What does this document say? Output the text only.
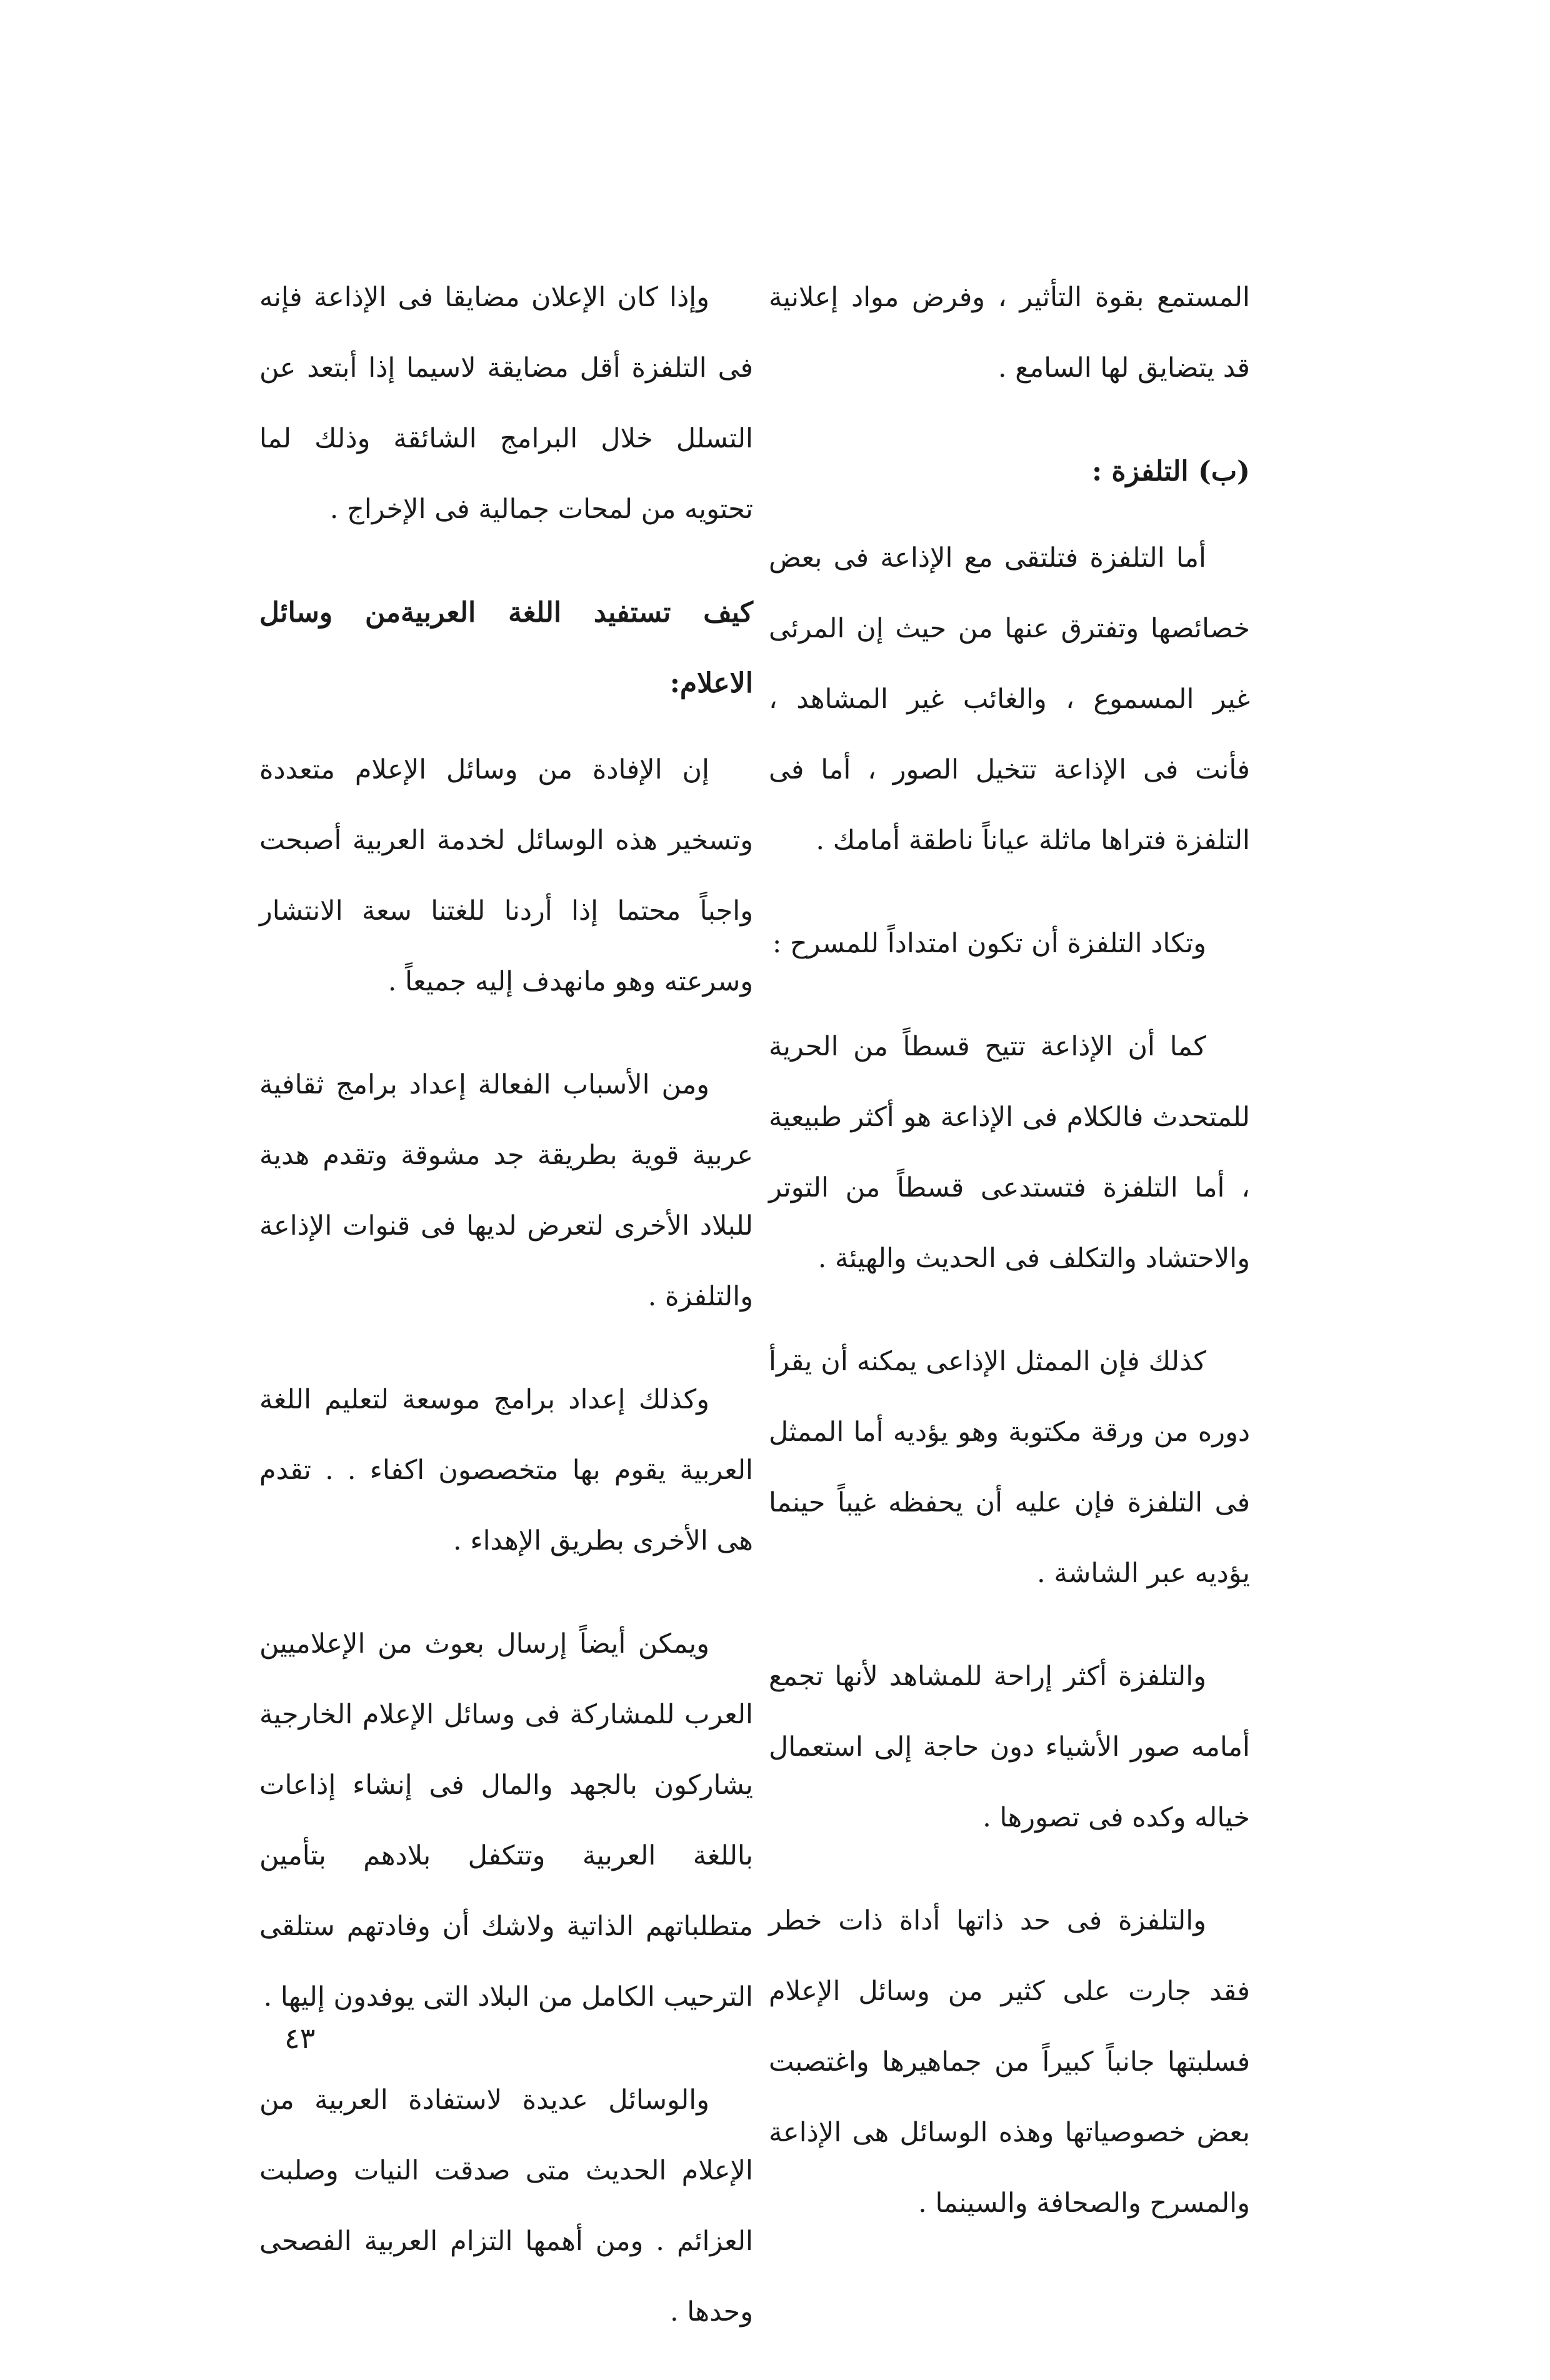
المستمع بقوة التأثير ، وفرض مواد إعلانية قد يتضايق لها السامع .

(ب) التلفزة :

أما التلفزة فتلتقى مع الإذاعة فى بعض خصائصها وتفترق عنها من حيث إن المرئى غير المسموع ، والغائب غير المشاهد ، فأنت فى الإذاعة تتخيل الصور ، أما فى التلفزة فتراها ماثلة عياناً ناطقة أمامك .

وتكاد التلفزة أن تكون امتداداً للمسرح :

كما أن الإذاعة تتيح قسطاً من الحرية للمتحدث فالكلام فى الإذاعة هو أكثر طبيعية ، أما التلفزة فتستدعى قسطاً من التوتر والاحتشاد والتكلف فى الحديث والهيئة .

كذلك فإن الممثل الإذاعى يمكنه أن يقرأ دوره من ورقة مكتوبة وهو يؤديه أما الممثل فى التلفزة فإن عليه أن يحفظه غيباً حينما يؤديه عبر الشاشة .

والتلفزة أكثر إراحة للمشاهد لأنها تجمع أمامه صور الأشياء دون حاجة إلى استعمال خياله وكده فى تصورها .

والتلفزة فى حد ذاتها أداة ذات خطر فقد جارت على كثير من وسائل الإعلام فسلبتها جانباً كبيراً من جماهيرها واغتصبت بعض خصوصياتها وهذه الوسائل هى الإذاعة والمسرح والصحافة والسينما .

وإذا كان الإعلان مضايقا فى الإذاعة فإنه فى التلفزة أقل مضايقة لاسيما إذا أبتعد عن التسلل خلال البرامج الشائقة وذلك لما تحتويه من لمحات جمالية فى الإخراج .

كيف تستفيد اللغة العربيةمن وسائل الاعلام:

إن الإفادة من وسائل الإعلام متعددة وتسخير هذه الوسائل لخدمة العربية أصبحت واجباً محتما إذا أردنا للغتنا سعة الانتشار وسرعته وهو مانهدف إليه جميعاً .

ومن الأسباب الفعالة إعداد برامج ثقافية عربية قوية بطريقة جد مشوقة وتقدم هدية للبلاد الأخرى لتعرض لديها فى قنوات الإذاعة والتلفزة .

وكذلك إعداد برامج موسعة لتعليم اللغة العربية يقوم بها متخصصون اكفاء . . تقدم هى الأخرى بطريق الإهداء .

ويمكن أيضاً إرسال بعوث من الإعلاميين العرب للمشاركة فى وسائل الإعلام الخارجية يشاركون بالجهد والمال فى إنشاء إذاعات باللغة العربية وتتكفل بلادهم بتأمين متطلباتهم الذاتية ولاشك أن وفادتهم ستلقى الترحيب الكامل من البلاد التى يوفدون إليها .

والوسائل عديدة لاستفادة العربية من الإعلام الحديث متى صدقت النيات وصلبت العزائم . ومن أهمها التزام العربية الفصحى وحدها .

٤٣
